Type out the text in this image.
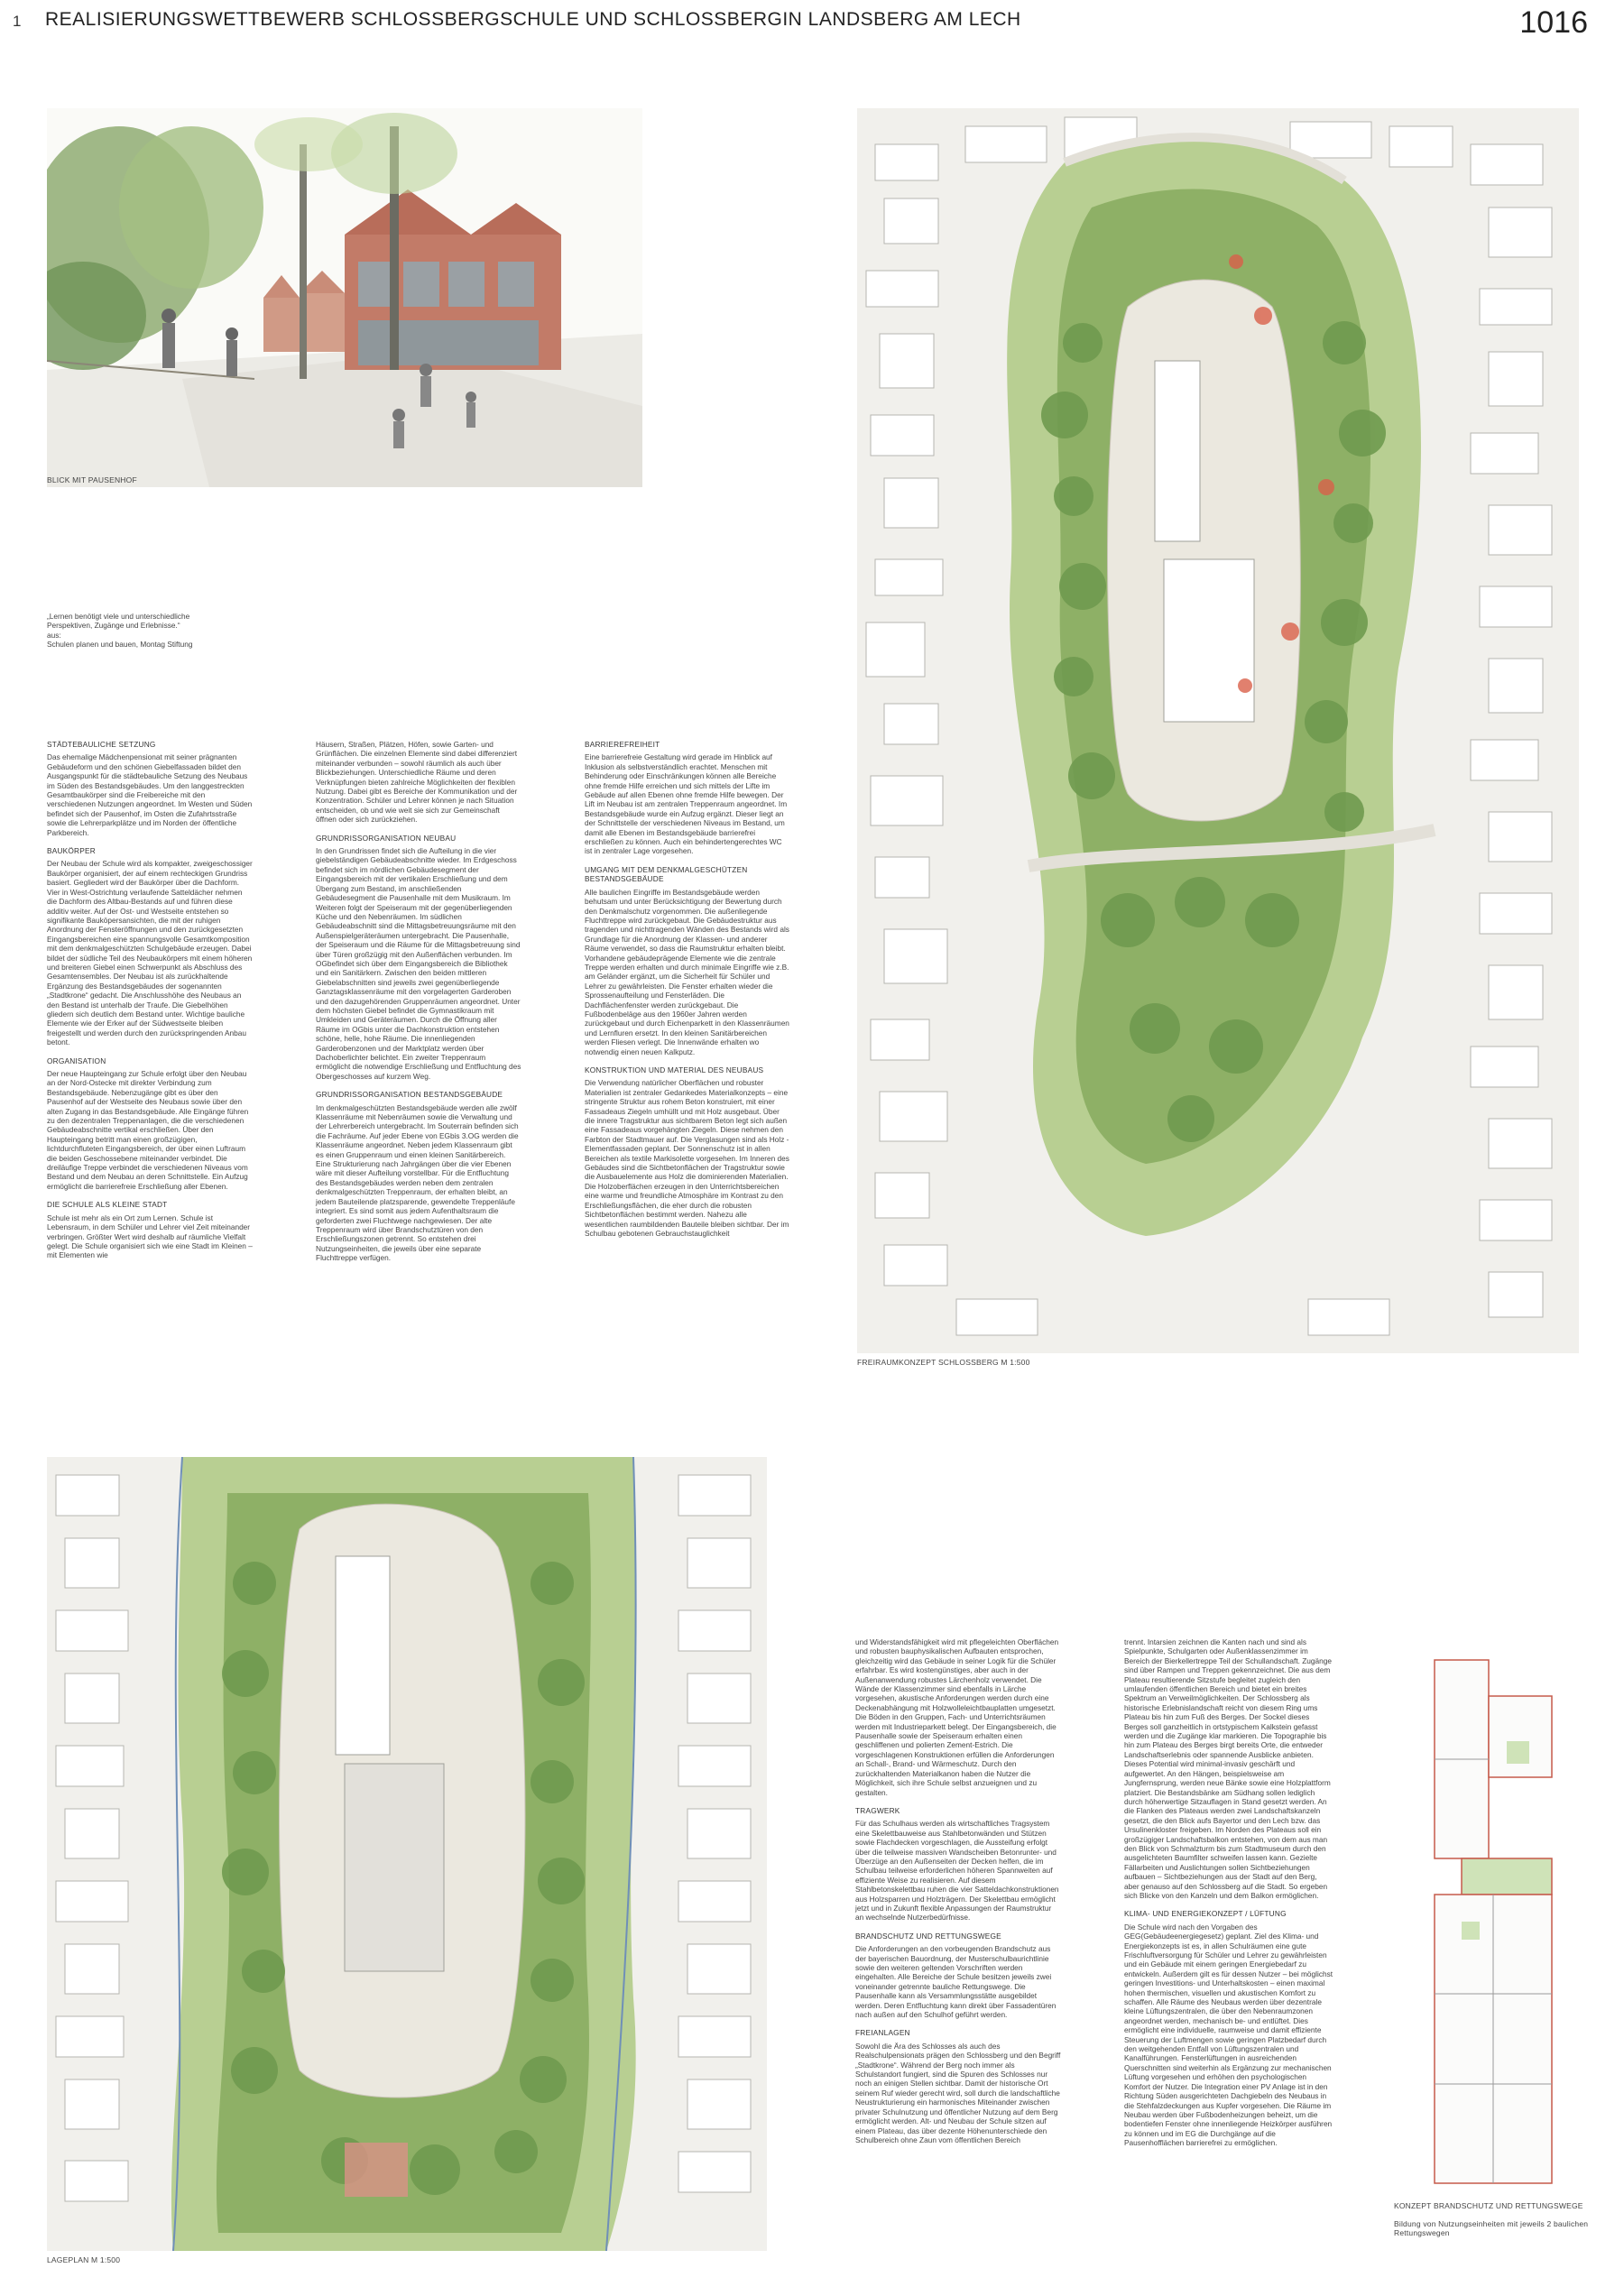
1 REALISIERUNGSWETTBEWERB SCHLOSSBERGSCHULE UND SCHLOSSBERGIN LANDSBERG AM LECH	1016
BLICK MIT PAUSENHOF
„Lernen benötigt viele und unterschiedliche Perspektiven, Zugänge und Erlebnisse.“
aus:
Schulen planen und bauen, Montag Stiftung
STÄDTEBAULICHE SETZUNG

Das ehemalige Mädchenpensionat mit seiner prägnanten Gebäudeform und den schönen Giebelfassaden bildet den Ausgangspunkt für die städtebauliche Setzung des Neubaus im Süden des Bestandsgebäudes. Um den langgestreckten Gesamtbaukörper sind die Freibereiche mit den verschiedenen Nutzungen angeordnet. Im Westen und Süden befindet sich der Pausenhof, im Osten die Zufahrtsstraße sowie die Lehrerparkplätze und im Norden der öffentliche Parkbereich.

BAUKÖRPER

Der Neubau der Schule wird als kompakter, zweigeschossiger Baukörper organisiert, der auf einem rechteckigen Grundriss basiert. Gegliedert wird der Baukörper über die Dachform. Vier in West-Ostrichtung verlaufende Satteldächer nehmen die Dachform des Altbau-Bestands auf und führen diese additiv weiter. Auf der Ost- und Westseite entstehen so signifikante Bauköpersansichten, die mit der ruhigen Anordnung der Fensteröffnungen und den zurückgesetzten Eingangsbereichen eine spannungsvolle Gesamtkomposition mit dem denkmalgeschützten Schulgebäude erzeugen. Dabei bildet der südliche Teil des Neubaukörpers mit einem höheren und breiteren Giebel einen Schwerpunkt als Abschluss des Gesamtensembles. Der Neubau ist als zurückhaltende Ergänzung des Bestandsgebäudes der sogenannten „Stadtkrone“ gedacht. Die Anschlusshöhe des Neubaus an den Bestand ist unterhalb der Traufe. Die Giebelhöhen gliedern sich deutlich dem Bestand unter. Wichtige bauliche Elemente wie der Erker auf der Südwestseite bleiben freigestellt und werden durch den zurückspringenden Anbau betont.

ORGANISATION

Der neue Haupteingang zur Schule erfolgt über den Neubau an der Nord-Ostecke mit direkter Verbindung zum Bestandsgebäude. Nebenzugänge gibt es über den Pausenhof auf der Westseite des Neubaus sowie über den alten Zugang in das Bestandsgebäude. Alle Eingänge führen zu den dezentralen Treppenanlagen, die die verschiedenen Gebäudeabschnitte vertikal erschließen. Über den Haupteingang betritt man einen großzügigen, lichtdurchfluteten Eingangsbereich, der über einen Luftraum die beiden Geschossebene miteinander verbindet. Die dreiläufige Treppe verbindet die verschiedenen Niveaus vom Bestand und dem Neubau an deren Schnittstelle. Ein Aufzug ermöglicht die barrierefreie Erschließung aller Ebenen.

DIE SCHULE ALS KLEINE STADT

Schule ist mehr als ein Ort zum Lernen. Schule ist Lebensraum, in dem Schüler und Lehrer viel Zeit miteinander verbringen. Größter Wert wird deshalb auf räumliche Vielfalt gelegt. Die Schule organisiert sich wie eine Stadt im Kleinen – mit Elementen wie

Häusern, Straßen, Plätzen, Höfen, sowie Garten- und Grünflächen. Die einzelnen Elemente sind dabei differenziert miteinander verbunden – sowohl räumlich als auch über Blickbeziehungen. Unterschiedliche Räume und deren Verknüpfungen bieten zahlreiche Möglichkeiten der flexiblen Nutzung. Dabei gibt es Bereiche der Kommunikation und der Konzentration. Schüler und Lehrer können je nach Situation entscheiden, ob und wie weit sie sich zur Gemeinschaft öffnen oder sich zurückziehen.

GRUNDRISSORGANISATION NEUBAU

In den Grundrissen findet sich die Aufteilung in die vier giebelständigen Gebäudeabschnitte wieder. Im Erdgeschoss befindet sich im nördlichen Gebäudesegment der Eingangsbereich mit der vertikalen Erschließung und dem Übergang zum Bestand, im anschließenden Gebäudesegment die Pausenhalle mit dem Musikraum. Im Weiteren folgt der Speiseraum mit der gegenüberliegenden Küche und den Nebenräumen. Im südlichen Gebäudeabschnitt sind die Mittagsbetreuungsräume mit den Außenspielgeräteräumen untergebracht. Die Pausenhalle, der Speiseraum und die Räume für die Mittagsbetreuung sind über Türen großzügig mit den Außenflächen verbunden. Im OGbefindet sich über dem Eingangsbereich die Bibliothek und ein Sanitärkern. Zwischen den beiden mittleren Giebelabschnitten sind jeweils zwei gegenüberliegende Ganztagsklassenräume mit den vorgelagerten Garderoben und den dazugehörenden Gruppenräumen angeordnet. Unter dem höchsten Giebel befindet die Gymnastikraum mit Umkleiden und Geräteräumen. Durch die Öffnung aller Räume im OGbis unter die Dachkonstruktion entstehen schöne, helle, hohe Räume. Die innenliegenden Garderobenzonen und der Marktplatz werden über Dachoberlichter belichtet. Ein zweiter Treppenraum ermöglicht die notwendige Erschließung und Entfluchtung des Obergeschosses auf kurzem Weg.

GRUNDRISSORGANISATION BESTANDSGEBÄUDE

Im denkmalgeschützten Bestandsgebäude werden alle zwölf Klassenräume mit Nebenräumen sowie die Verwaltung und der Lehrerbereich untergebracht. Im Souterrain befinden sich die Fachräume. Auf jeder Ebene von EGbis 3.OG werden die Klassenräume angeordnet. Neben jedem Klassenraum gibt es einen Gruppenraum und einen kleinen Sanitärbereich. Eine Strukturierung nach Jahrgängen über die vier Ebenen wäre mit dieser Aufteilung vorstellbar. Für die Entfluchtung des Bestandsgebäudes werden neben dem zentralen denkmalgeschützten Treppenraum, der erhalten bleibt, an jedem Bauteilende platzsparende, gewendelte Treppenläufe integriert. Es sind somit aus jedem Aufenthaltsraum die geforderten zwei Fluchtwege nachgewiesen. Der alte Treppenraum wird über Brandschutztüren von den Erschließungszonen getrennt. So entstehen drei Nutzungseinheiten, die jeweils über eine separate Fluchttreppe verfügen.

BARRIEREFREIHEIT

Eine barrierefreie Gestaltung wird gerade im Hinblick auf Inklusion als selbstverständlich erachtet. Menschen mit Behinderung oder Einschränkungen können alle Bereiche ohne fremde Hilfe erreichen und sich mittels der Lifte im Gebäude auf allen Ebenen ohne fremde Hilfe bewegen. Der Lift im Neubau ist am zentralen Treppenraum angeordnet. Im Bestandsgebäude wurde ein Aufzug ergänzt. Dieser liegt an der Schnittstelle der verschiedenen Niveaus im Bestand, um damit alle Ebenen im Bestandsgebäude barrierefrei erschließen zu können. Auch ein behindertengerechtes WC ist in zentraler Lage vorgesehen.

UMGANG MIT DEM DENKMALGESCHÜTZEN BESTANDSGEBÄUDE

Alle baulichen Eingriffe im Bestandsgebäude werden behutsam und unter Berücksichtigung der Bewertung durch den Denkmalschutz vorgenommen. Die außenliegende Fluchttreppe wird zurückgebaut. Die Gebäudestruktur aus tragenden und nichttragenden Wänden des Bestands wird als Grundlage für die Anordnung der Klassen- und anderer Räume verwendet, so dass die Raumstruktur erhalten bleibt. Vorhandene gebäudeprägende Elemente wie die zentrale Treppe werden erhalten und durch minimale Eingriffe wie z.B. am Geländer ergänzt, um die Sicherheit für Schüler und Lehrer zu gewährleisten. Die Fenster erhalten wieder die Sprossenaufteilung und Fensterläden. Die Dachflächenfenster werden zurückgebaut. Die Fußbodenbeläge aus den 1960er Jahren werden zurückgebaut und durch Eichenparkett in den Klassenräumen und Lernfluren ersetzt. In den kleinen Sanitärbereichen werden Fliesen verlegt. Die Innenwände erhalten wo notwendig einen neuen Kalkputz.

KONSTRUKTION UND MATERIAL DES NEUBAUS

Die Verwendung natürlicher Oberflächen und robuster Materialien ist zentraler Gedankedes Materialkonzepts – eine stringente Struktur aus rohem Beton konstruiert, mit einer Fassadeaus Ziegeln umhüllt und mit Holz ausgebaut. Über die innere Tragstruktur aus sichtbarem Beton legt sich außen eine Fassadeaus vorgehängten Ziegeln. Diese nehmen den Farbton der Stadtmauer auf. Die Verglasungen sind als Holz -Elementfassaden geplant. Der Sonnenschutz ist in allen Bereichen als textile Markisolette vorgesehen. Im Inneren des Gebäudes sind die Sichtbetonflächen der Tragstruktur sowie die Ausbauelemente aus Holz die dominierenden Materialien. Die Holzoberflächen erzeugen in den Unterrichtsbereichen eine warme und freundliche Atmosphäre im Kontrast zu den Erschließungsflächen, die eher durch die robusten Sichtbetonflächen bestimmt werden. Nahezu alle wesentlichen raumbildenden Bauteile bleiben sichtbar. Der im Schulbau gebotenen Gebrauchstauglichkeit

FREIRAUMKONZEPT SCHLOSSBERG M 1:500
LAGEPLAN M 1:500

und Widerstandsfähigkeit wird mit pflegeleichten Oberflächen und robusten bauphysikalischen Aufbauten entsprochen, gleichzeitig wird das Gebäude in seiner Logik für die Schüler erfahrbar. Es wird kostengünstiges, aber auch in der Außenanwendung robustes Lärchenholz verwendet. Die Wände der Klassenzimmer sind ebenfalls in Lärche vorgesehen, akustische Anforderungen werden durch eine Deckenabhängung mit Holzwolleleichtbauplatten umgesetzt. Die Böden in den Gruppen, Fach- und Unterrichtsräumen werden mit Industrieparkett belegt. Der Eingangsbereich, die Pausenhalle sowie der Speiseraum erhalten einen geschliffenen und polierten Zement-Estrich. Die vorgeschlagenen Konstruktionen erfüllen die Anforderungen an Schall-, Brand- und Wärmeschutz. Durch den zurückhaltenden Materialkanon haben die Nutzer die Möglichkeit, sich ihre Schule selbst anzueignen und zu gestalten.

TRAGWERK

Für das Schulhaus werden als wirtschaftliches Tragsystem eine Skelettbauweise aus Stahlbetonwänden und Stützen sowie Flachdecken vorgeschlagen, die Aussteifung erfolgt über die teilweise massiven Wandscheiben Betonrunter- und Überzüge an den Außenseiten der Decken helfen, die im Schulbau teilweise erforderlichen höheren Spannweiten auf effiziente Weise zu realisieren. Auf diesem Stahlbetonskelettbau ruhen die vier Satteldachkonstruktionen aus Holzsparren und Holzträgern. Der Skelettbau ermöglicht jetzt und in Zukunft flexible Anpassungen der Raumstruktur an wechselnde Nutzerbedürfnisse.

BRANDSCHUTZ UND RETTUNGSWEGE

Die Anforderungen an den vorbeugenden Brandschutz aus der bayerischen Bauordnung, der Musterschulbaurichtlinie sowie den weiteren geltenden Vorschriften werden eingehalten. Alle Bereiche der Schule besitzen jeweils zwei voneinander getrennte bauliche Rettungswege. Die Pausenhalle kann als Versammlungsstätte ausgebildet werden. Deren Entfluchtung kann direkt über Fassadentüren nach außen auf den Schulhof geführt werden.

FREIANLAGEN

Sowohl die Ära des Schlosses als auch des Realschulpensionats prägen den Schlossberg und den Begriff „Stadtkrone“. Während der Berg noch immer als Schulstandort fungiert, sind die Spuren des Schlosses nur noch an einigen Stellen sichtbar. Damit der historische Ort seinem Ruf wieder gerecht wird, soll durch die landschaftliche Neustrukturierung ein harmonisches Miteinander zwischen privater Schulnutzung und öffentlicher Nutzung auf dem Berg ermöglicht werden. Alt- und Neubau der Schule sitzen auf einem Plateau, das über dezente Höhenunterschiede den Schulbereich ohne Zaun vom öffentlichen Bereich

trennt. Intarsien zeichnen die Kanten nach und sind als Spielpunkte, Schulgarten oder Außenklassenzimmer im Bereich der Bierkellertreppe Teil der Schullandschaft. Zugänge sind über Rampen und Treppen gekennzeichnet. Die aus dem Plateau resultierende Sitzstufe begleitet zugleich den umlaufenden öffentlichen Bereich und bietet ein breites Spektrum an Verweilmöglichkeiten. Der Schlossberg als historische Erlebnislandschaft reicht von diesem Ring ums Plateau bis hin zum Fuß des Berges. Der Sockel dieses Berges soll ganzheitlich in ortstypischem Kalkstein gefasst werden und die Zugänge klar markieren. Die Topographie bis hin zum Plateau des Berges birgt bereits Orte, die entweder Landschaftserlebnis oder spannende Ausblicke anbieten. Dieses Potential wird minimal-invasiv geschärft und aufgewertet. An den Hängen, beispielsweise am Jungfernsprung, werden neue Bänke sowie eine Holzplattform platziert. Die Bestandsbänke am Südhang sollen lediglich durch höherwertige Sitzauflagen in Stand gesetzt werden. An die Flanken des Plateaus werden zwei Landschaftskanzeln gesetzt, die den Blick aufs Bayertor und den Lech bzw. das Ursulinenkloster freigeben. Im Norden des Plateaus soll ein großzügiger Landschaftsbalkon entstehen, von dem aus man den Blick von Schmalzturm bis zum Stadtmuseum durch den ausgelichteten Baumfilter schweifen lassen kann. Gezielte Fällarbeiten und Auslichtungen sollen Sichtbeziehungen aufbauen – Sichtbeziehungen aus der Stadt auf den Berg, aber genauso auf den Schlossberg auf die Stadt. So ergeben sich Blicke von den Kanzeln und dem Balkon ermöglichen.

KLIMA- UND ENERGIEKONZEPT / LÜFTUNG

Die Schule wird nach den Vorgaben des GEG(Gebäudeenergiegesetz) geplant. Ziel des Klima- und Energiekonzepts ist es, in allen Schulräumen eine gute Frischluftversorgung für Schüler und Lehrer zu gewährleisten und ein Gebäude mit einem geringen Energiebedarf zu entwickeln. Außerdem gilt es für dessen Nutzer – bei möglichst geringen Investitions- und Unterhaltskosten – einen maximal hohen thermischen, visuellen und akustischen Komfort zu schaffen. Alle Räume des Neubaus werden über dezentrale kleine Lüftungszentralen, die über den Nebenraumzonen angeordnet werden, mechanisch be- und entlüftet. Dies ermöglicht eine individuelle, raumweise und damit effiziente Steuerung der Luftmengen sowie geringen Platzbedarf durch den weitgehenden Entfall von Lüftungszentralen und Kanalführungen. Fensterlüftungen in ausreichenden Querschnitten sind weiterhin als Ergänzung zur mechanischen Lüftung vorgesehen und erhöhen den psychologischen Komfort der Nutzer. Die Integration einer PV Anlage ist in den Richtung Süden ausgerichteten Dachgiebeln des Neubaus in die Stehfalzdeckungen aus Kupfer vorgesehen. Die Räume im Neubau werden über Fußbodenheizungen beheizt, um die bodentiefen Fenster ohne innenliegende Heizkörper ausführen zu können und im EG die Durchgänge auf die Pausenhofflächen barrierefrei zu ermöglichen.

KONZEPT BRANDSCHUTZ UND RETTUNGSWEGE
Bildung von Nutzungseinheiten mit jeweils 2 baulichen Rettungswegen
